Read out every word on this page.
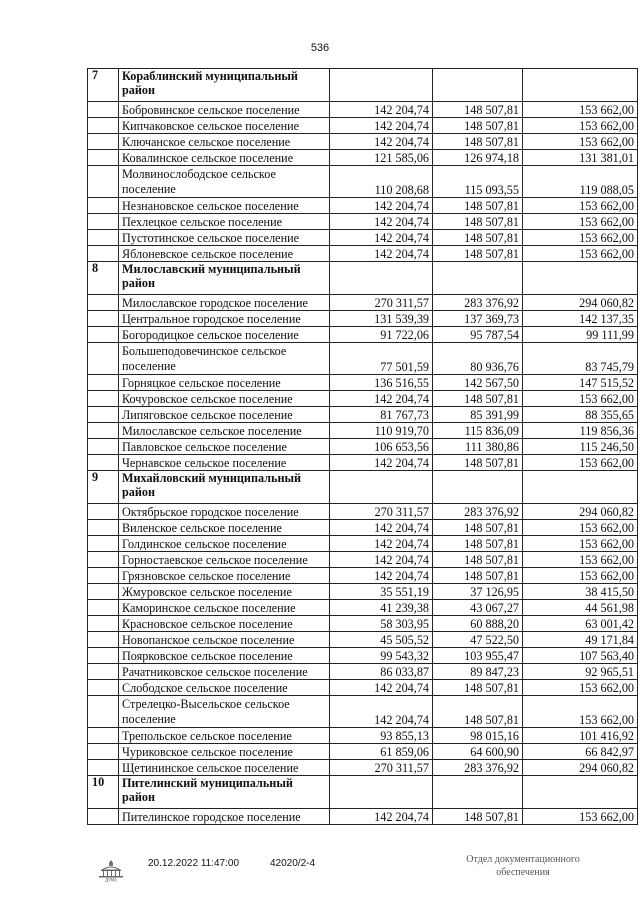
536
7	Кораблинский муниципальный район			
	Бобровинское сельское поселение	142 204,74	148 507,81	153 662,00
	Кипчаковское сельское поселение	142 204,74	148 507,81	153 662,00
	Ключанское сельское поселение	142 204,74	148 507,81	153 662,00
	Ковалинское сельское поселение	121 585,06	126 974,18	131 381,01
	Молвинослободское сельское поселение	110 208,68	115 093,55	119 088,05
	Незнановское сельское поселение	142 204,74	148 507,81	153 662,00
	Пехлецкое сельское поселение	142 204,74	148 507,81	153 662,00
	Пустотинское сельское поселение	142 204,74	148 507,81	153 662,00
	Яблоневское сельское поселение	142 204,74	148 507,81	153 662,00
8	Милославский муниципальный район			
	Милославское городское поселение	270 311,57	283 376,92	294 060,82
	Центральное городское поселение	131 539,39	137 369,73	142 137,35
	Богородицкое сельское поселение	91 722,06	95 787,54	99 111,99
	Большеподовечинское сельское поселение	77 501,59	80 936,76	83 745,79
	Горняцкое сельское поселение	136 516,55	142 567,50	147 515,52
	Кочуровское сельское поселение	142 204,74	148 507,81	153 662,00
	Липяговское сельское поселение	81 767,73	85 391,99	88 355,65
	Милославское сельское поселение	110 919,70	115 836,09	119 856,36
	Павловское сельское поселение	106 653,56	111 380,86	115 246,50
	Чернавское сельское поселение	142 204,74	148 507,81	153 662,00
9	Михайловский муниципальный район			
	Октябрьское городское поселение	270 311,57	283 376,92	294 060,82
	Виленское сельское поселение	142 204,74	148 507,81	153 662,00
	Голдинское сельское поселение	142 204,74	148 507,81	153 662,00
	Горностаевское сельское поселение	142 204,74	148 507,81	153 662,00
	Грязновское сельское поселение	142 204,74	148 507,81	153 662,00
	Жмуровское сельское поселение	35 551,19	37 126,95	38 415,50
	Каморинское сельское поселение	41 239,38	43 067,27	44 561,98
	Красновское сельское поселение	58 303,95	60 888,20	63 001,42
	Новопанское сельское поселение	45 505,52	47 522,50	49 171,84
	Поярковское сельское поселение	99 543,32	103 955,47	107 563,40
	Рачатниковское сельское поселение	86 033,87	89 847,23	92 965,51
	Слободское сельское поселение	142 204,74	148 507,81	153 662,00
	Стрелецко-Высельское сельское поселение	142 204,74	148 507,81	153 662,00
	Трепольское сельское поселение	93 855,13	98 015,16	101 416,92
	Чуриковское сельское поселение	61 859,06	64 600,90	66 842,97
	Щетининское сельское поселение	270 311,57	283 376,92	294 060,82
10	Пителинский муниципальный район			
	Пителинское городское поселение	142 204,74	148 507,81	153 662,00
ДУМА
20.12.2022 11:47:00	42020/2-4	Отдел документационного
обеспечения
